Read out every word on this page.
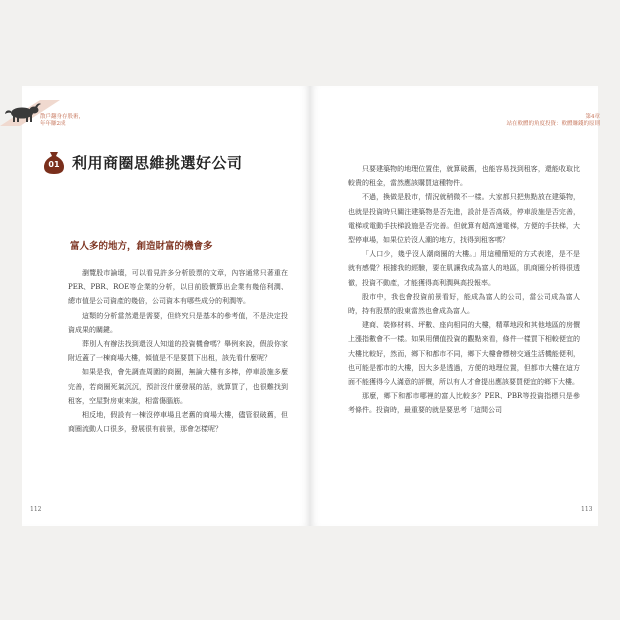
散戶翻身存股術，
年年賺2成
第4章
站在軟體的角度投資：軟體賺錢的原則
01 利用商圈思維挑選好公司
富人多的地方，創造財富的機會多

瀏覽股市論壇，可以看見許多分析股票的文章，內容通常只著重在PER、PBR、ROE等企業的分析，以目前股價算出企業有幾倍利潤、總市值是公司資產的幾倍，公司資本有哪些成分的利潤等。

這類的分析當然還是需要，但終究只是基本的參考值，不是決定投資成果的關鍵。

葬別人有辦法找到還沒人知道的投資機會嗎？舉例來說，假設你家附近蓋了一棟商場大樓，傾值是不是要買下出租，該先看什麼呢？

如果是我，會先調查周圍的商圈，無論大樓有多棒，停車設施多麼完善，若商圈死氣沉沉，預計沒什麼發展的話，就算買了，也很難找到租客，空屋對房東來說，相當傷腦筋。

相反地，假設有一棟沒停車場且老舊的商場大樓，儘管很破舊，但商圈流動人口很多，發展很有前景，那會怎樣呢？

只要建築物的地理位置佳，就算破舊，也能容易找到租客，還能收取比較貴的租金，當然應該購買這種物件。

不過，換做是股市，情況就稍微不一樣。大家都只把焦點放在建築物，也就是投資時只關注建築物是否先進，設計是否高級，停車設施是否完善，電梯或電動手扶梯設施是否完善。但就算有超高速電梯，方便的手扶梯，大型停車場，如果位於沒人潮的地方，找得到租客嗎？

「人口少，幾乎沒人潮商圈的大樓。」用這種簡短的方式表達，是不是就有感覺？根據我的經驗，要在肌讓我成為富人的地區，肌商圈分析得很透徹，投資不動產，才能獲得高利潤與高投報率。

股市中，我也會投資前景看好，能成為富人的公司，當公司成為富人時，持有股票的股東當然也會成為富人。

建商、裝修材料、坪數、座向相同的大樓，精華地段和其他地區的房價上漲指數會不一樣。如果用價值投資的觀點來看，條件一樣買下相較便宜的大樓比較好，然而，鄉下和都市不同，鄉下大樓會標榜交通生活機能便利，也可能是都市的大樓，因大多是透過，方便的地理位置，但都市大樓在這方面不能獲得今人滿意的評價，所以有人才會提出應該要買便宜的鄉下大樓。

那麼，鄉下和都市哪裡的富人比較多？PER、PBR等投資指標只是參考條件。投資時，最重要的就是要思考「這間公司

112	113
